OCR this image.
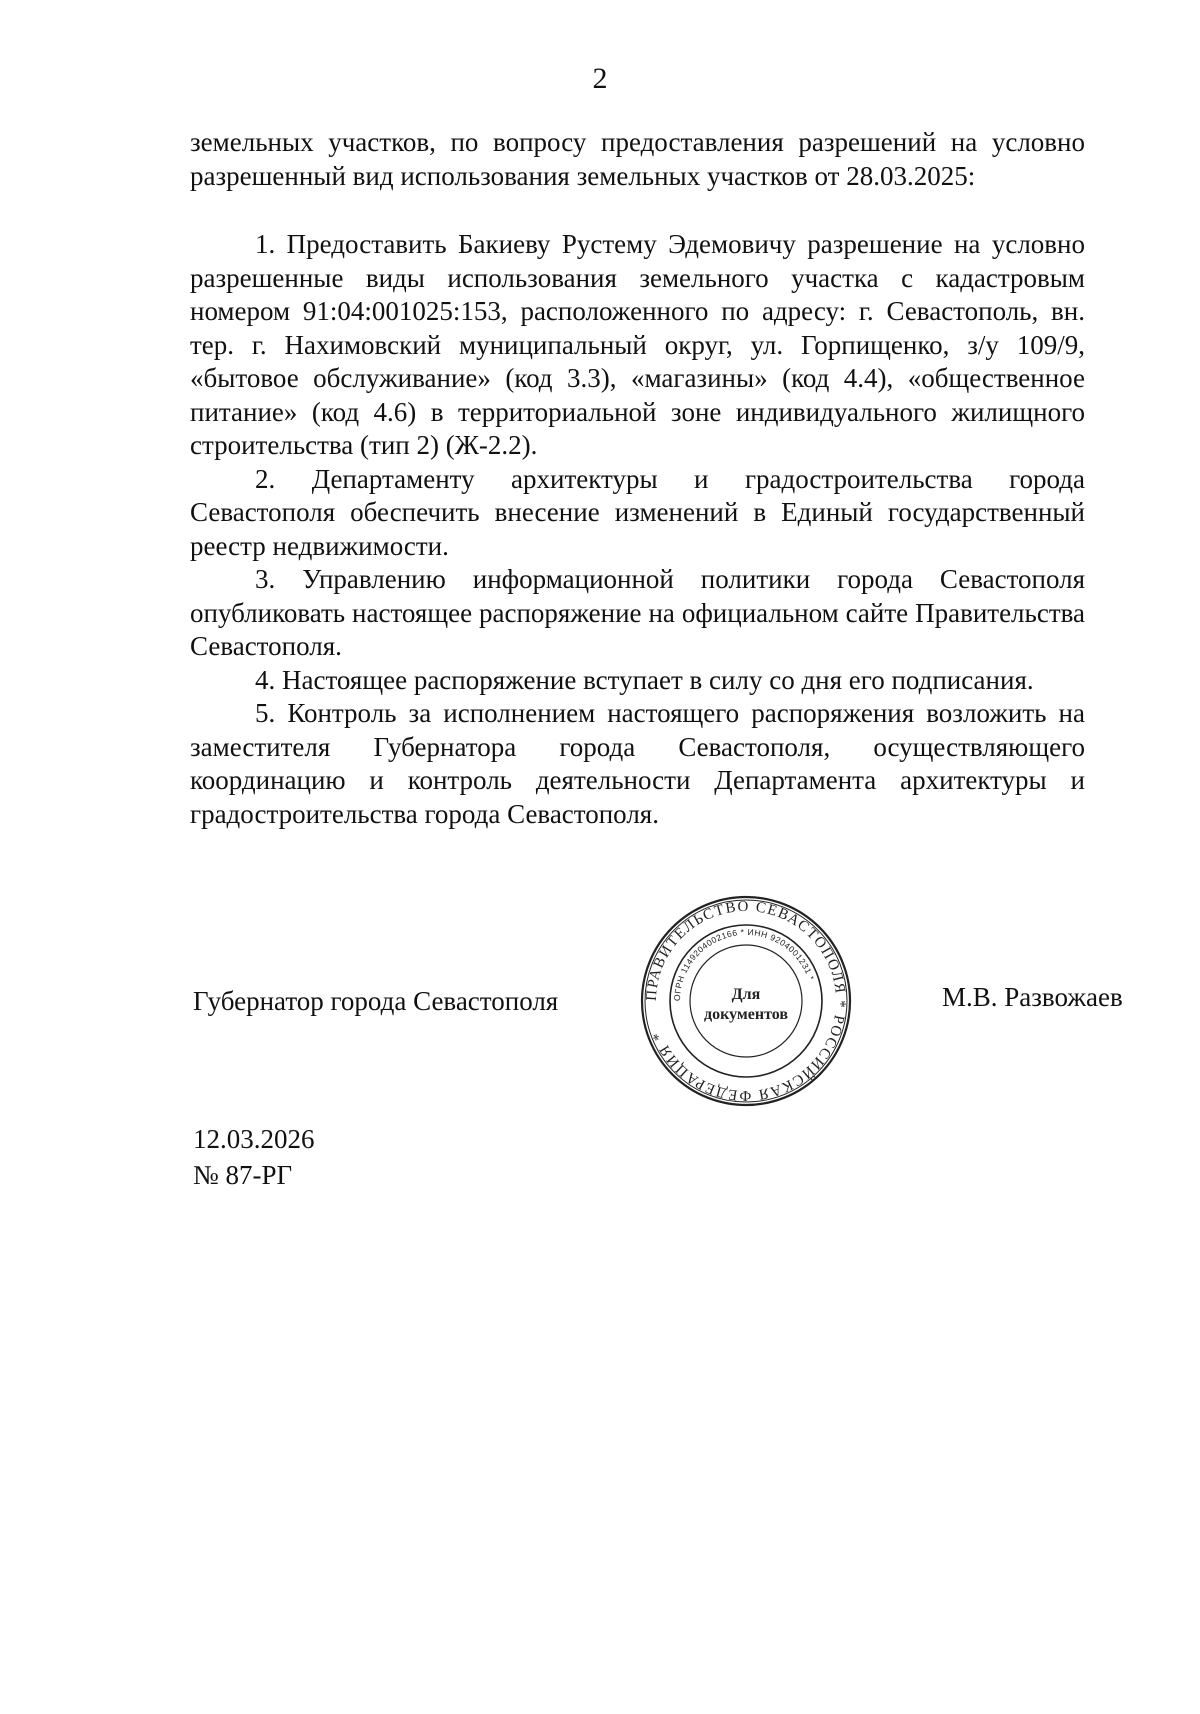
2
земельных участков, по вопросу предоставления разрешений на условно разрешенный вид использования земельных участков от 28.03.2025:

1. Предоставить Бакиеву Рустему Эдемовичу разрешение на условно разрешенные виды использования земельного участка с кадастровым номером 91:04:001025:153, расположенного по адресу: г. Севастополь, вн. тер. г. Нахимовский муниципальный округ, ул. Горпищенко, з/у 109/9, «бытовое обслуживание» (код 3.3), «магазины» (код 4.4), «общественное питание» (код 4.6) в территориальной зоне индивидуального жилищного строительства (тип 2) (Ж-2.2).

2. Департаменту архитектуры и градостроительства города Севастополя обеспечить внесение изменений в Единый государственный реестр недвижимости.

3. Управлению информационной политики города Севастополя опубликовать настоящее распоряжение на официальном сайте Правительства Севастополя.

4. Настоящее распоряжение вступает в силу со дня его подписания.

5. Контроль за исполнением настоящего распоряжения возложить на заместителя Губернатора города Севастополя, осуществляющего координацию и контроль деятельности Департамента архитектуры и градостроительства города Севастополя.

Губернатор города Севастополя	ПРАВИТЕЛЬСТВО СЕВАСТОПОЛЯ * РОССИЙСКАЯ ФЕДЕРАЦИЯ *
ОГРН 1149204002166 * ИНН 9204001231 *
Для
документов
М.В. Развожаев
12.03.2026
№ 87-РГ
